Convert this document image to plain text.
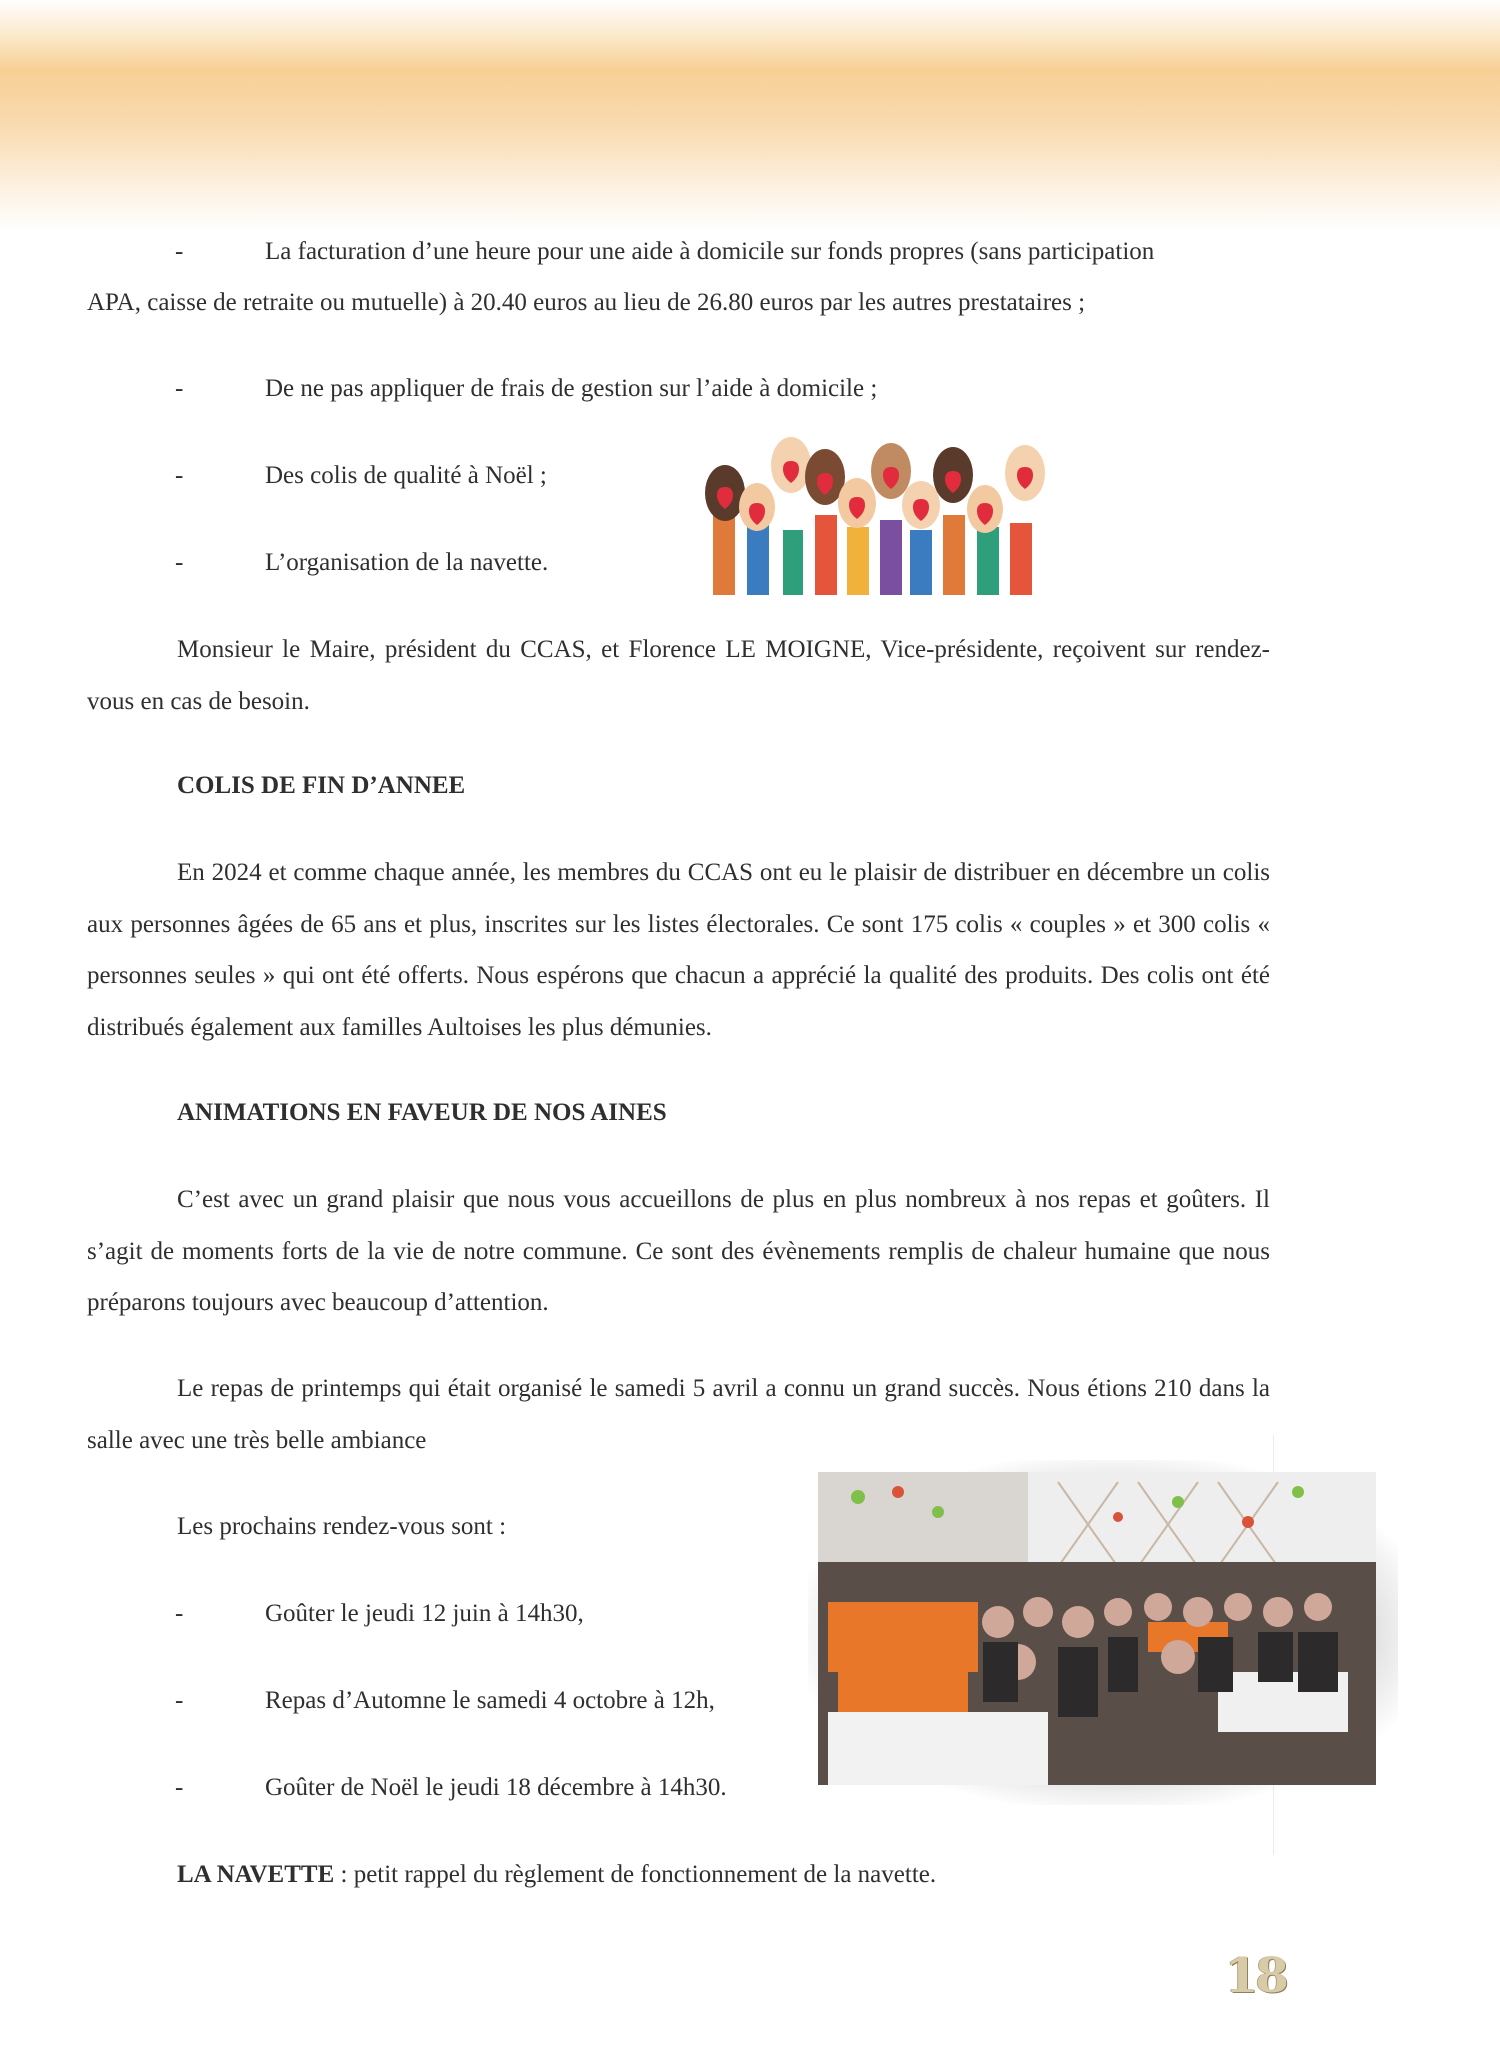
-	La facturation d’une heure pour une aide à domicile sur fonds propres (sans participation

APA, caisse de retraite ou mutuelle) à 20.40 euros au lieu de 26.80 euros par les autres prestataires ;

-	De ne pas appliquer de frais de gestion sur l’aide à domicile ;
-	Des colis de qualité à Noël ;
-	L’organisation de la navette.

Monsieur le Maire, président du CCAS, et Florence LE MOIGNE, Vice-présidente, reçoivent sur rendez-vous en cas de besoin.

COLIS DE FIN D’ANNEE

En 2024 et comme chaque année, les membres du CCAS ont eu le plaisir de distribuer en décembre un colis aux personnes âgées de 65 ans et plus, inscrites sur les listes électorales. Ce sont 175 colis « couples » et 300 colis « personnes seules » qui ont été offerts. Nous espérons que chacun a apprécié la qualité des produits. Des colis ont été distribués également aux familles Aultoises les plus démunies.

ANIMATIONS EN FAVEUR DE NOS AINES

C’est avec un grand plaisir que nous vous accueillons de plus en plus nombreux à nos repas et goûters. Il s’agit de moments forts de la vie de notre commune. Ce sont des évènements remplis de chaleur humaine que nous préparons toujours avec beaucoup d’attention.

Le repas de printemps qui était organisé le samedi 5 avril a connu un grand succès. Nous étions 210 dans la salle avec une très belle ambiance

Les prochains rendez-vous sont :
-	Goûter le jeudi 12 juin à 14h30,
-	Repas d’Automne le samedi 4 octobre à 12h,
-	Goûter de Noël le jeudi 18 décembre à 14h30.
LA NAVETTE : petit rappel du règlement de fonctionnement de la navette.
18
